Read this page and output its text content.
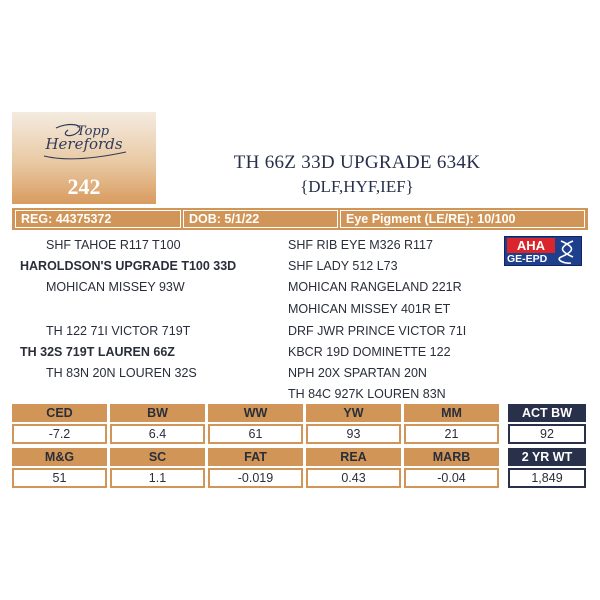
Topp
Herefords
242
TH 66Z 33D UPGRADE 634K
{DLF,HYF,IEF}
REG: 44375372	DOB: 5/1/22	Eye Pigment (LE/RE): 10/100
SHF TAHOE R117 T100
HAROLDSON'S UPGRADE T100 33D
MOHICAN MISSEY 93W
TH 122 71I VICTOR 719T
TH 32S 719T LAUREN 66Z
TH 83N 20N LOUREN 32S
SHF RIB EYE M326 R117
SHF LADY 512 L73
MOHICAN RANGELAND 221R
MOHICAN MISSEY 401R ET
DRF JWR PRINCE VICTOR 71I
KBCR 19D DOMINETTE 122
NPH 20X SPARTAN 20N
TH 84C 927K LOUREN 83N
AHA
GE-EPD
CED	BW	WW	YW	MM	ACT BW
-7.2	6.4	61	93	21	92
M&G	SC	FAT	REA	MARB	2 YR WT
51	1.1	-0.019	0.43	-0.04	1,849
